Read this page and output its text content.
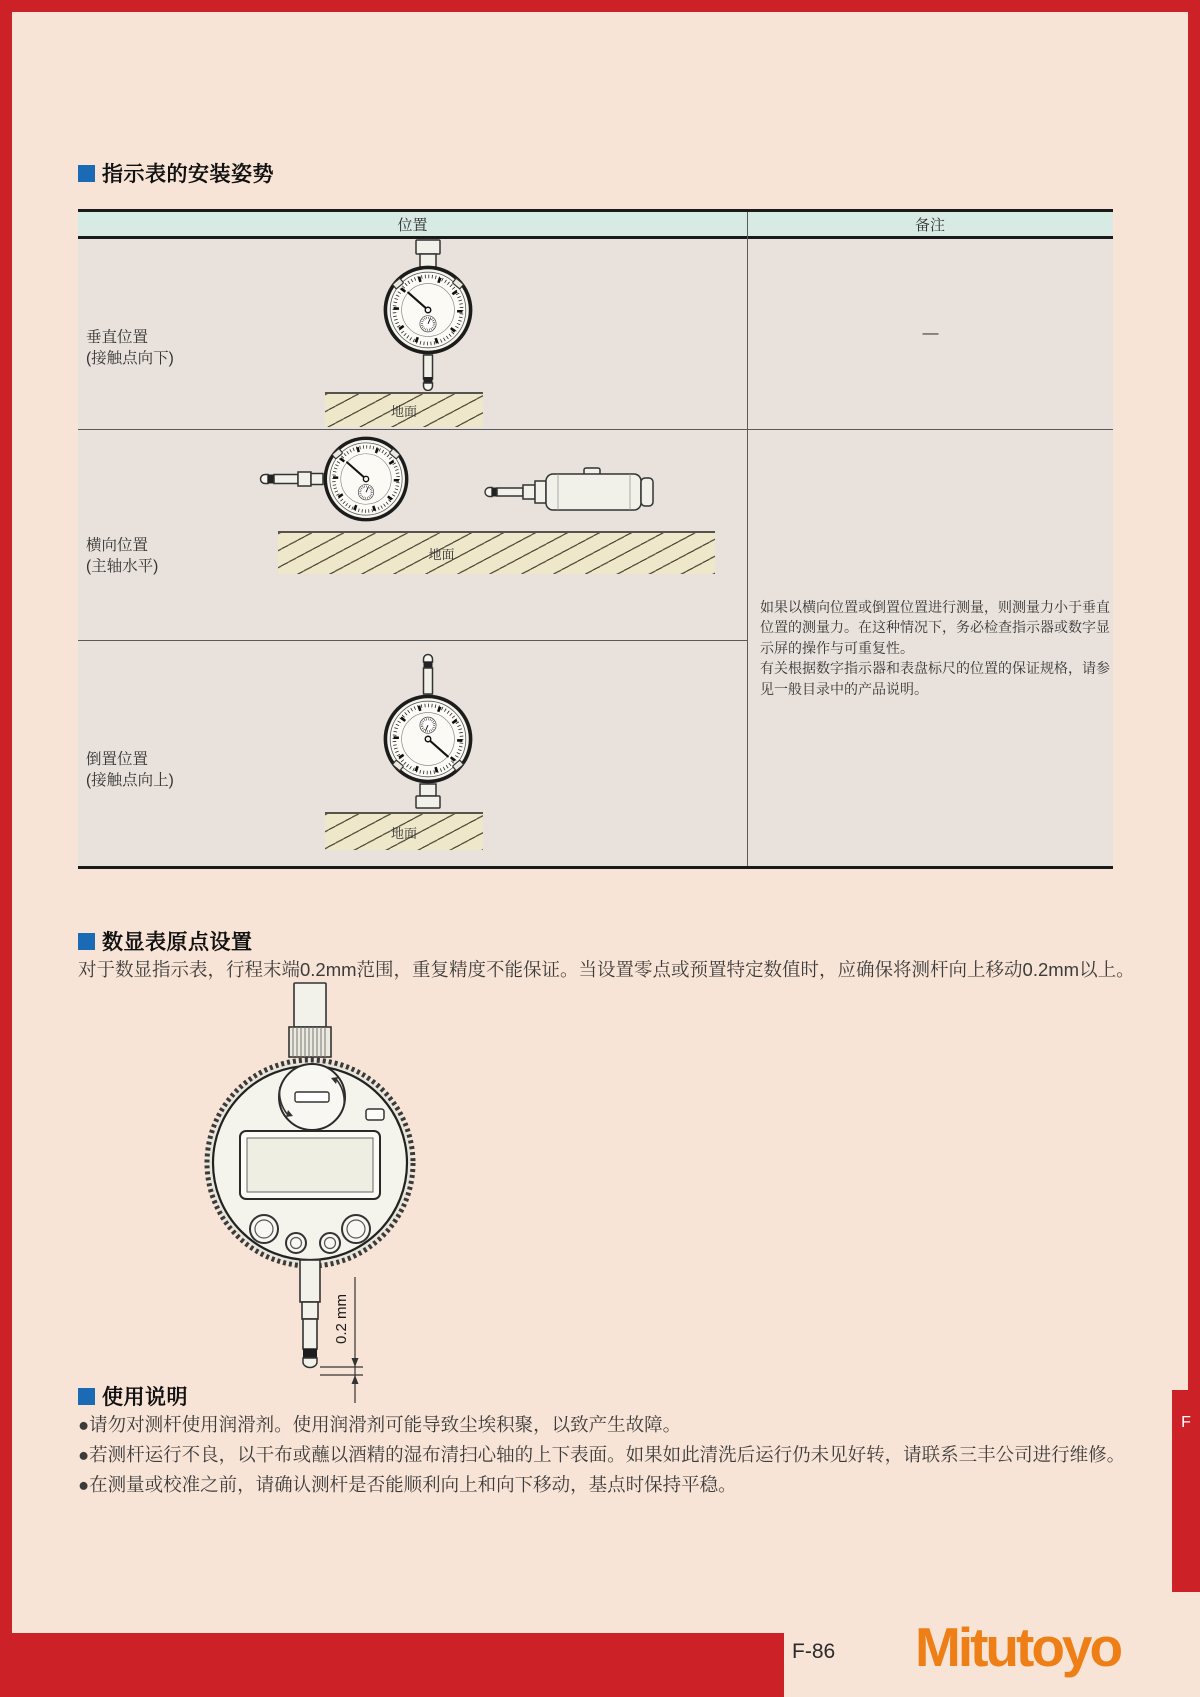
指示表的安装姿势
位置	备注
垂直位置
(接触点向下)
地面
—
横向位置
(主轴水平)
地面
倒置位置
(接触点向上)
地面
如果以横向位置或倒置位置进行测量，则测量力小于垂直位置的测量力。在这种情况下，务必检查指示器或数字显示屏的操作与可重复性。
有关根据数字指示器和表盘标尺的位置的保证规格，请参见一般目录中的产品说明。
数显表原点设置
对于数显指示表，行程末端0.2mm范围，重复精度不能保证。当设置零点或预置特定数值时，应确保将测杆向上移动0.2mm以上。
0.2 mm
使用说明
●请勿对测杆使用润滑剂。使用润滑剂可能导致尘埃积聚，以致产生故障。
●若测杆运行不良，以干布或蘸以酒精的湿布清扫心轴的上下表面。如果如此清洗后运行仍未见好转，请联系三丰公司进行维修。
●在测量或校准之前，请确认测杆是否能顺利向上和向下移动，基点时保持平稳。
F-86 Mitutoyo
F
